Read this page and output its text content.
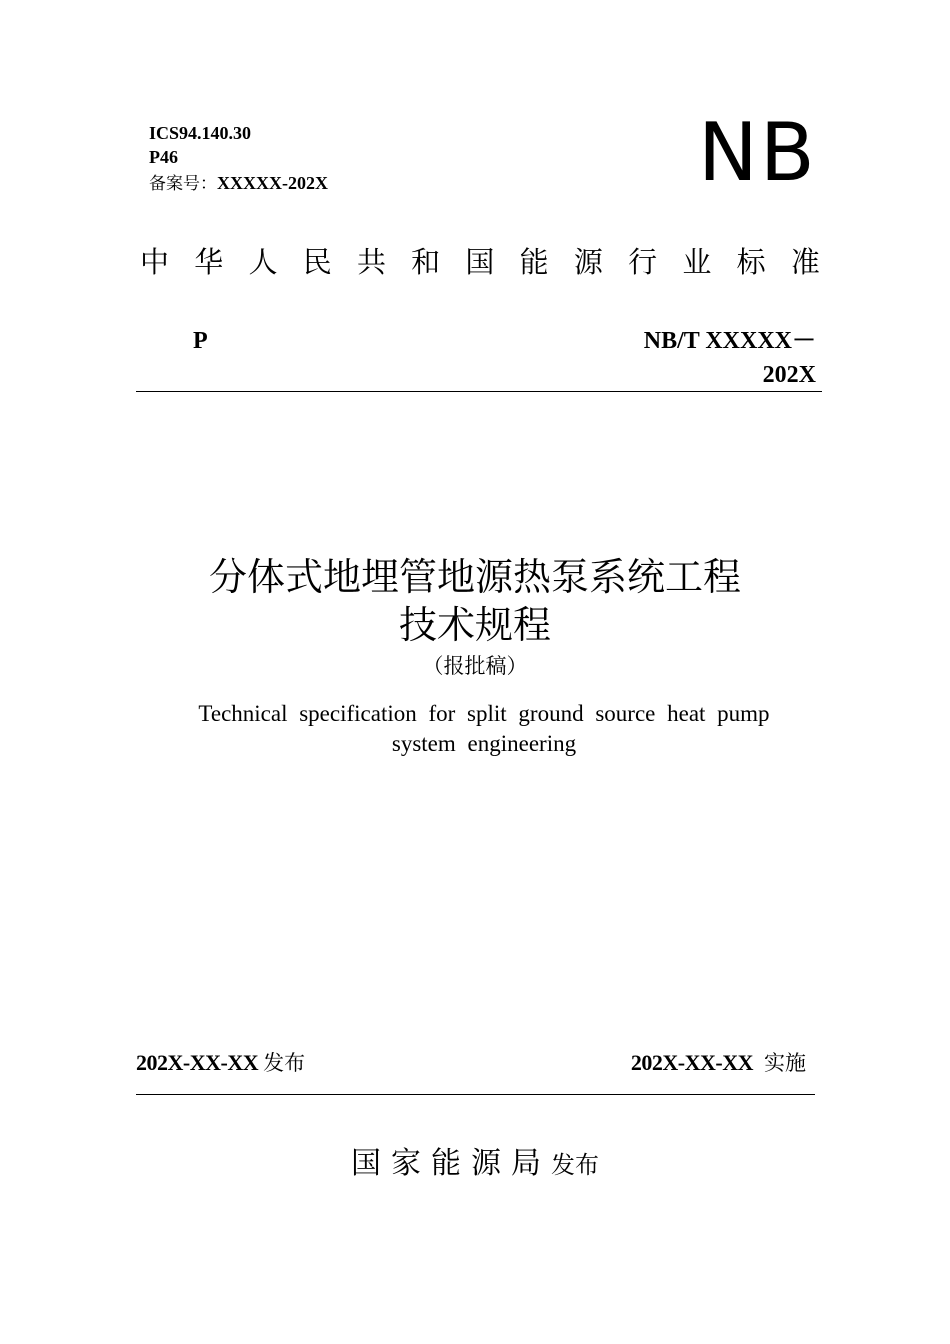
ICS94.140.30
P46
备案号：XXXXX-202X	NB
中 华 人 民 共 和 国 能 源 行 业 标 准
P	NB/T XXXXX－
202X
分体式地埋管地源热泵系统工程
技术规程
（报批稿）
Technical specification for split ground source heat pump
system engineering
202X-XX-XX 发布	202X-XX-XX 实施
国家能源局发布
